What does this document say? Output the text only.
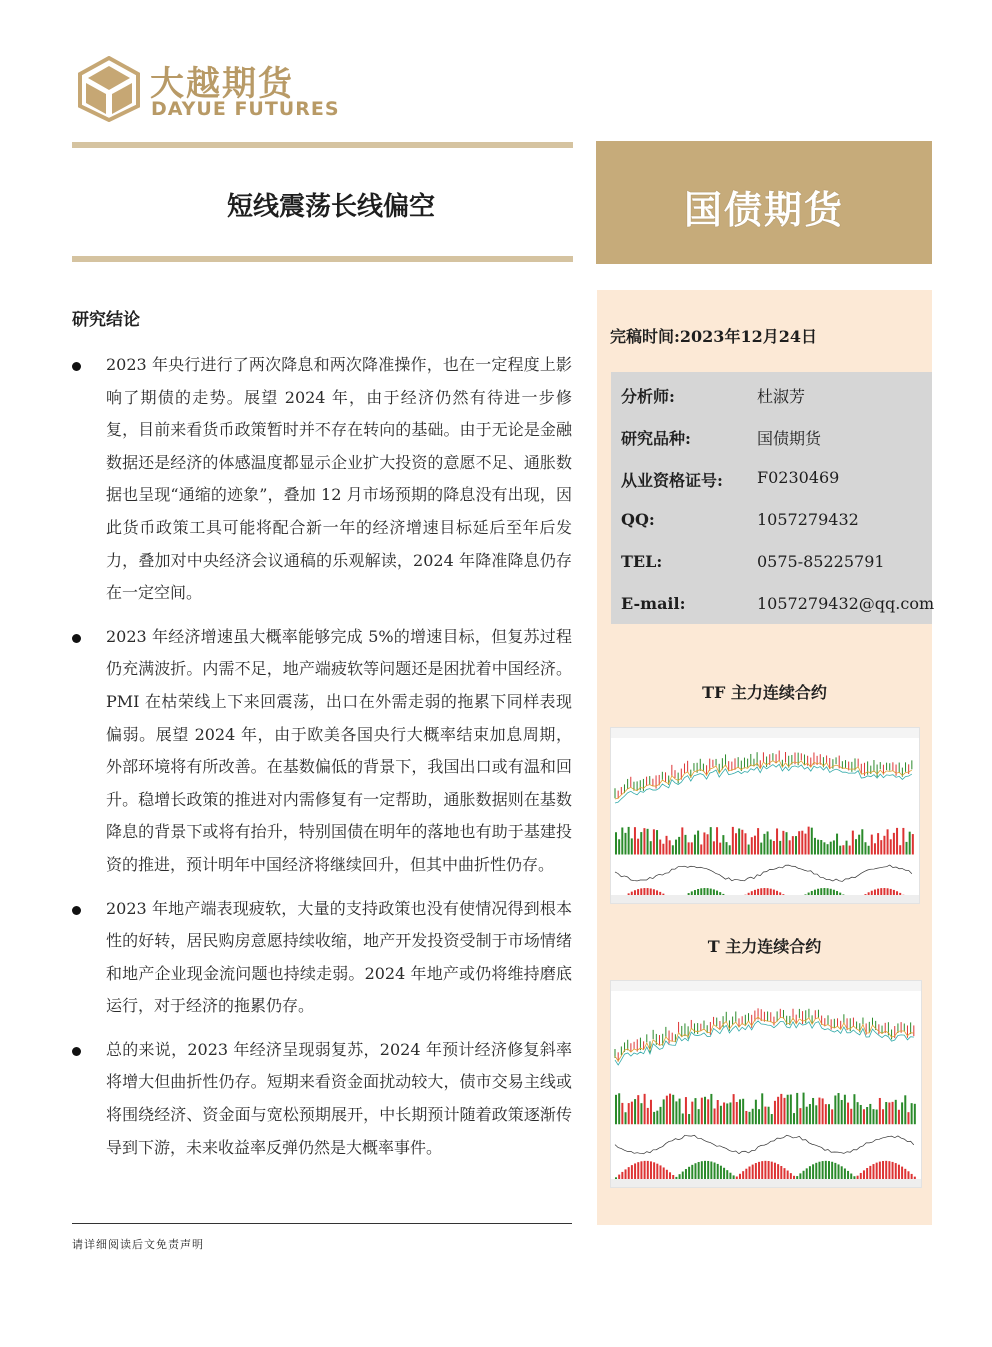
大越期货
DAYUE FUTURES
短线震荡长线偏空	国债期货
研究结论
2023 年央行进行了两次降息和两次降准操作，也在一定程度上影响了期债的走势。展望 2024 年，由于经济仍然有待进一步修复，目前来看货币政策暂时并不存在转向的基础。由于无论是金融数据还是经济的体感温度都显示企业扩大投资的意愿不足、通胀数据也呈现“通缩的迹象”，叠加 12 月市场预期的降息没有出现，因此货币政策工具可能将配合新一年的经济增速目标延后至年后发力，叠加对中央经济会议通稿的乐观解读，2024 年降准降息仍存在一定空间。
2023 年经济增速虽大概率能够完成 5%的增速目标，但复苏过程仍充满波折。内需不足，地产端疲软等问题还是困扰着中国经济。PMI 在枯荣线上下来回震荡，出口在外需走弱的拖累下同样表现偏弱。展望 2024 年，由于欧美各国央行大概率结束加息周期，外部环境将有所改善。在基数偏低的背景下，我国出口或有温和回升。稳增长政策的推进对内需修复有一定帮助，通胀数据则在基数降息的背景下或将有抬升，特别国债在明年的落地也有助于基建投资的推进，预计明年中国经济将继续回升，但其中曲折性仍存。
2023 年地产端表现疲软，大量的支持政策也没有使情况得到根本性的好转，居民购房意愿持续收缩，地产开发投资受制于市场情绪和地产企业现金流问题也持续走弱。2024 年地产或仍将维持磨底运行，对于经济的拖累仍存。
总的来说，2023 年经济呈现弱复苏，2024 年预计经济修复斜率将增大但曲折性仍存。短期来看资金面扰动较大，债市交易主线或将围绕经济、资金面与宽松预期展开，中长期预计随着政策逐渐传导到下游，未来收益率反弹仍然是大概率事件。
请详细阅读后文免责声明
完稿时间:2023年12月24日
分析师:	杜淑芳
研究品种:	国债期货
从业资格证号: F0230469
QQ:	1057279432
TEL:	0575-85225791
E-mail:	1057279432@qq.com
TF 主力连续合约
T 主力连续合约
